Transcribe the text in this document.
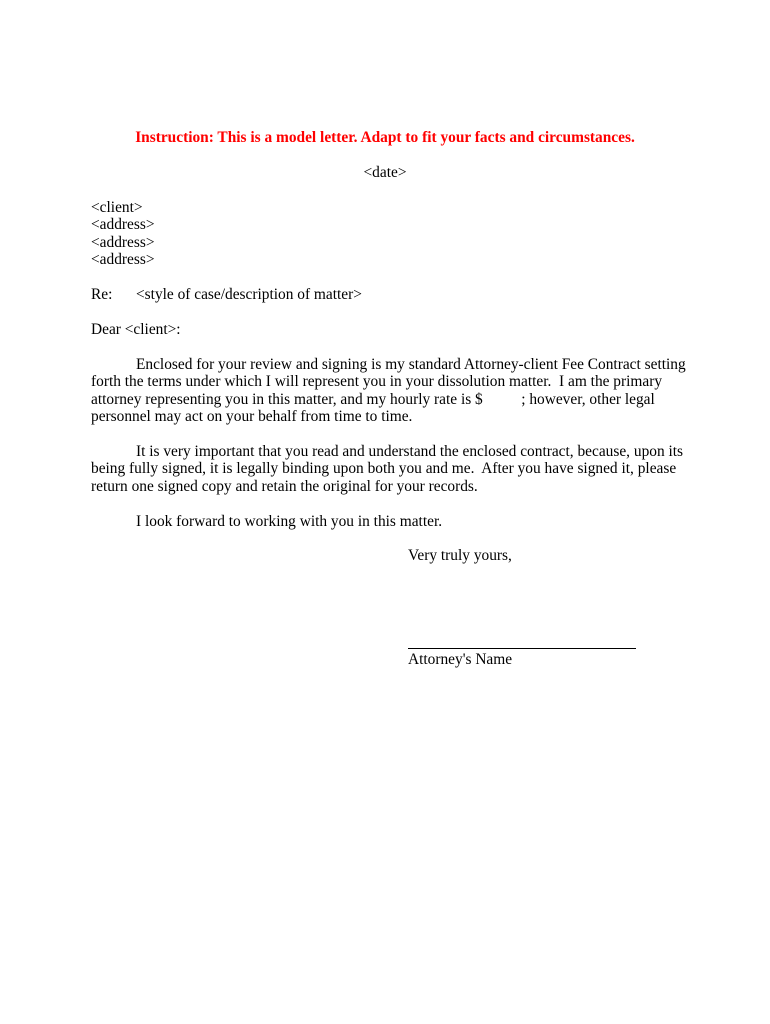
Instruction: This is a model letter. Adapt to fit your facts and circumstances.
<date>
<client>
<address>
<address>
<address>
Re: <style of case/description of matter>
Dear <client>:
Enclosed for your review and signing is my standard Attorney-client Fee Contract setting
forth the terms under which I will represent you in your dissolution matter.  I am the primary
attorney representing you in this matter, and my hourly rate is $          ; however, other legal
personnel may act on your behalf from time to time.
It is very important that you read and understand the enclosed contract, because, upon its
being fully signed, it is legally binding upon both you and me.  After you have signed it, please
return one signed copy and retain the original for your records.
I look forward to working with you in this matter.
Very truly yours,
Attorney's Name
